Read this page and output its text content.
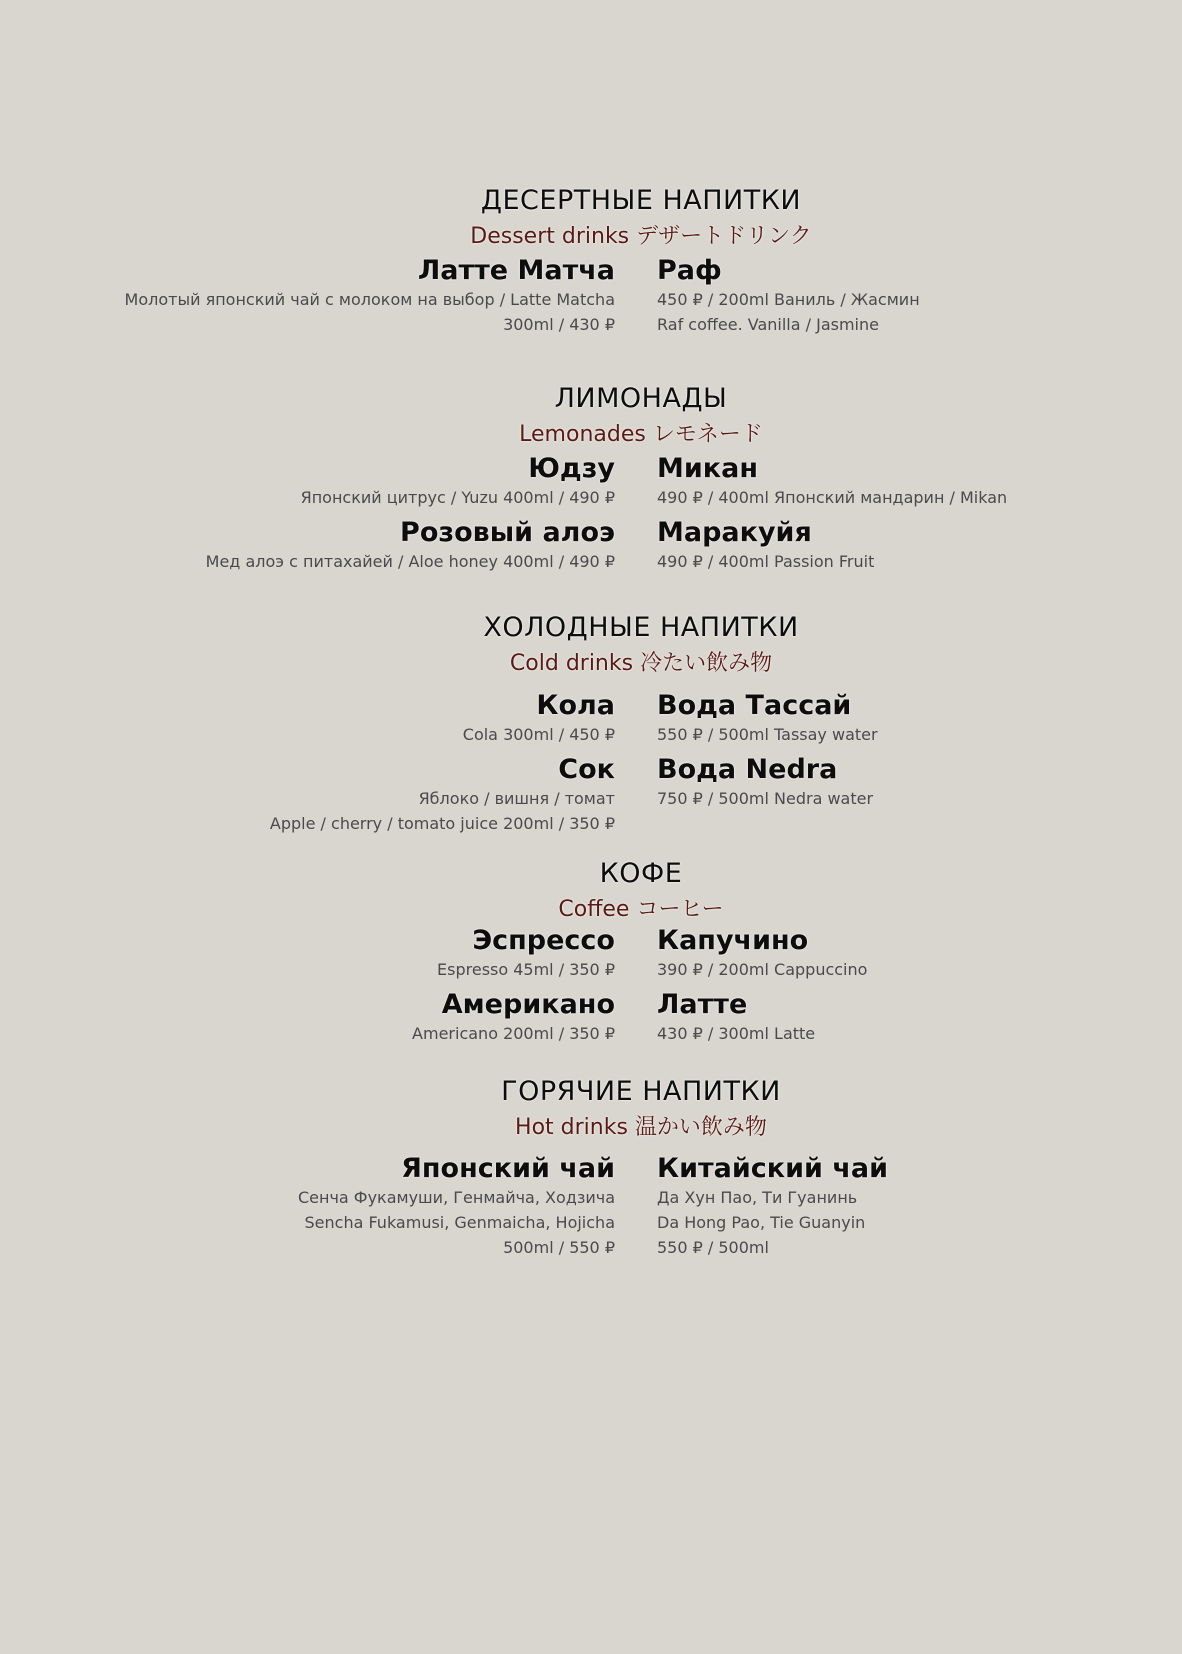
ДЕСЕРТНЫЕ НАПИТКИ
Dessert drinks デザートドリンク
Латте Матча
Молотый японский чай с молоком на выбор / Latte Matcha
300ml / 430 ₽
Раф
450 ₽ / 200ml Ваниль / Жасмин
Raf coffee. Vanilla / Jasmine
ЛИМОНАДЫ
Lemonades レモネード
Юдзу
Японский цитрус / Yuzu 400ml / 490 ₽
Микан
490 ₽ / 400ml Японский мандарин / Mikan
Розовый алоэ
Мед алоэ с питахайей / Aloe honey 400ml / 490 ₽
Маракуйя
490 ₽ / 400ml Passion Fruit
ХОЛОДНЫЕ НАПИТКИ
Cold drinks 冷たい飲み物
Кола
Cola 300ml / 450 ₽
Вода Тассай
550 ₽ / 500ml Tassay water
Сок
Яблоко / вишня / томат
Apple / cherry / tomato juice 200ml / 350 ₽
Вода Nedra
750 ₽ / 500ml Nedra water
КОФЕ
Coffee コーヒー
Эспрессо
Espresso 45ml / 350 ₽
Капучино
390 ₽ / 200ml Cappuccino
Американо
Americano 200ml / 350 ₽
Латте
430 ₽ / 300ml Latte
ГОРЯЧИЕ НАПИТКИ
Hot drinks 温かい飲み物
Японский чай
Сенча Фукамуши, Генмайча, Ходзича
Sencha Fukamusi, Genmaicha, Hojicha
500ml / 550 ₽
Китайский чай
Да Хун Пао, Ти Гуанинь
Da Hong Pao, Tie Guanyin
550 ₽ / 500ml
